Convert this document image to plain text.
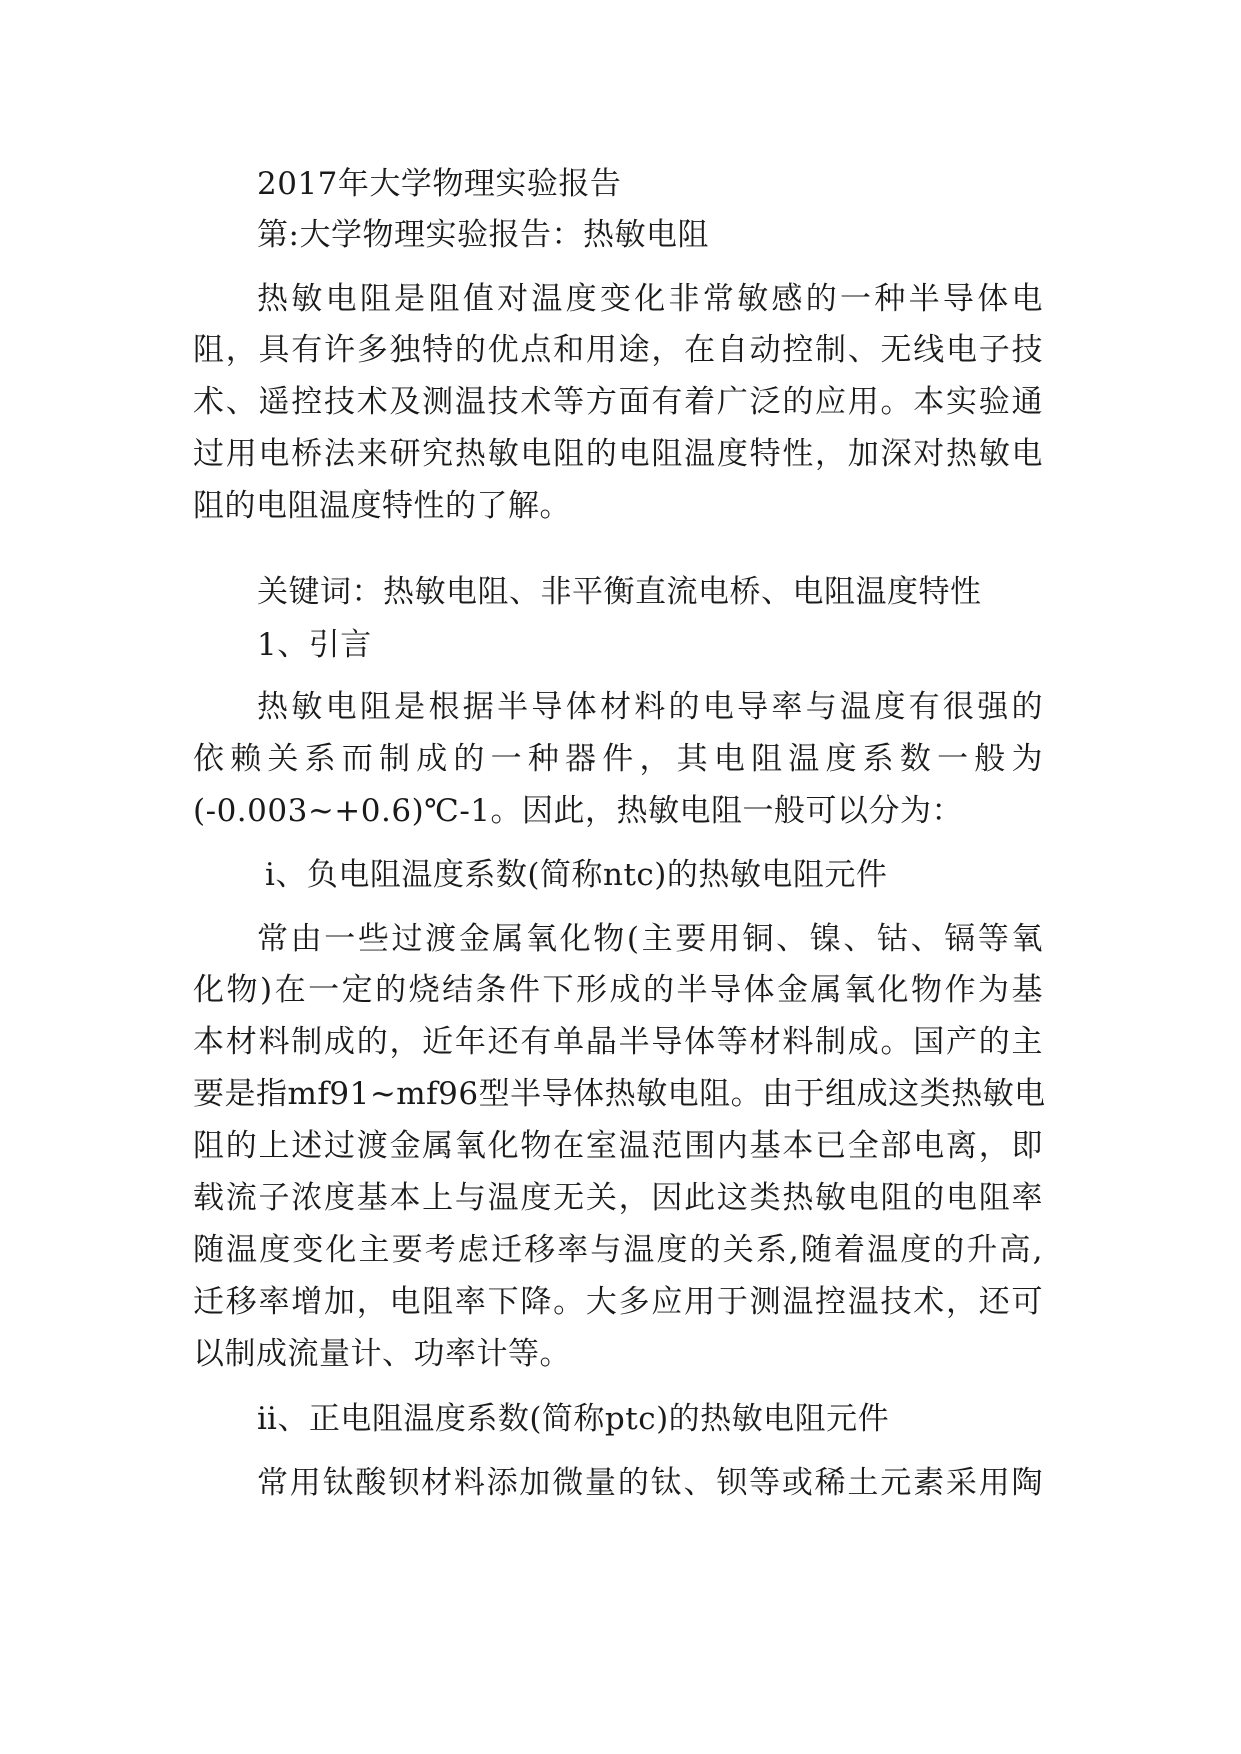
2017年大学物理实验报告
第:大学物理实验报告：热敏电阻
热敏电阻是阻值对温度变化非常敏感的一种半导体电
阻，具有许多独特的优点和用途，在自动控制、无线电子技
术、遥控技术及测温技术等方面有着广泛的应用。本实验通
过用电桥法来研究热敏电阻的电阻温度特性，加深对热敏电
阻的电阻温度特性的了解。
关键词：热敏电阻、非平衡直流电桥、电阻温度特性
1、引言
热敏电阻是根据半导体材料的电导率与温度有很强的
依赖关系而制成的一种器件，其电阻温度系数一般为
(-0.003~+0.6)℃-1。因此，热敏电阻一般可以分为：
ⅰ、负电阻温度系数(简称ntc)的热敏电阻元件
常由一些过渡金属氧化物(主要用铜、镍、钴、镉等氧
化物)在一定的烧结条件下形成的半导体金属氧化物作为基
本材料制成的，近年还有单晶半导体等材料制成。国产的主
要是指mf91~mf96型半导体热敏电阻。由于组成这类热敏电
阻的上述过渡金属氧化物在室温范围内基本已全部电离，即
载流子浓度基本上与温度无关，因此这类热敏电阻的电阻率
随温度变化主要考虑迁移率与温度的关系,随着温度的升高,
迁移率增加，电阻率下降。大多应用于测温控温技术，还可
以制成流量计、功率计等。
ⅱ、正电阻温度系数(简称ptc)的热敏电阻元件
常用钛酸钡材料添加微量的钛、钡等或稀土元素采用陶
